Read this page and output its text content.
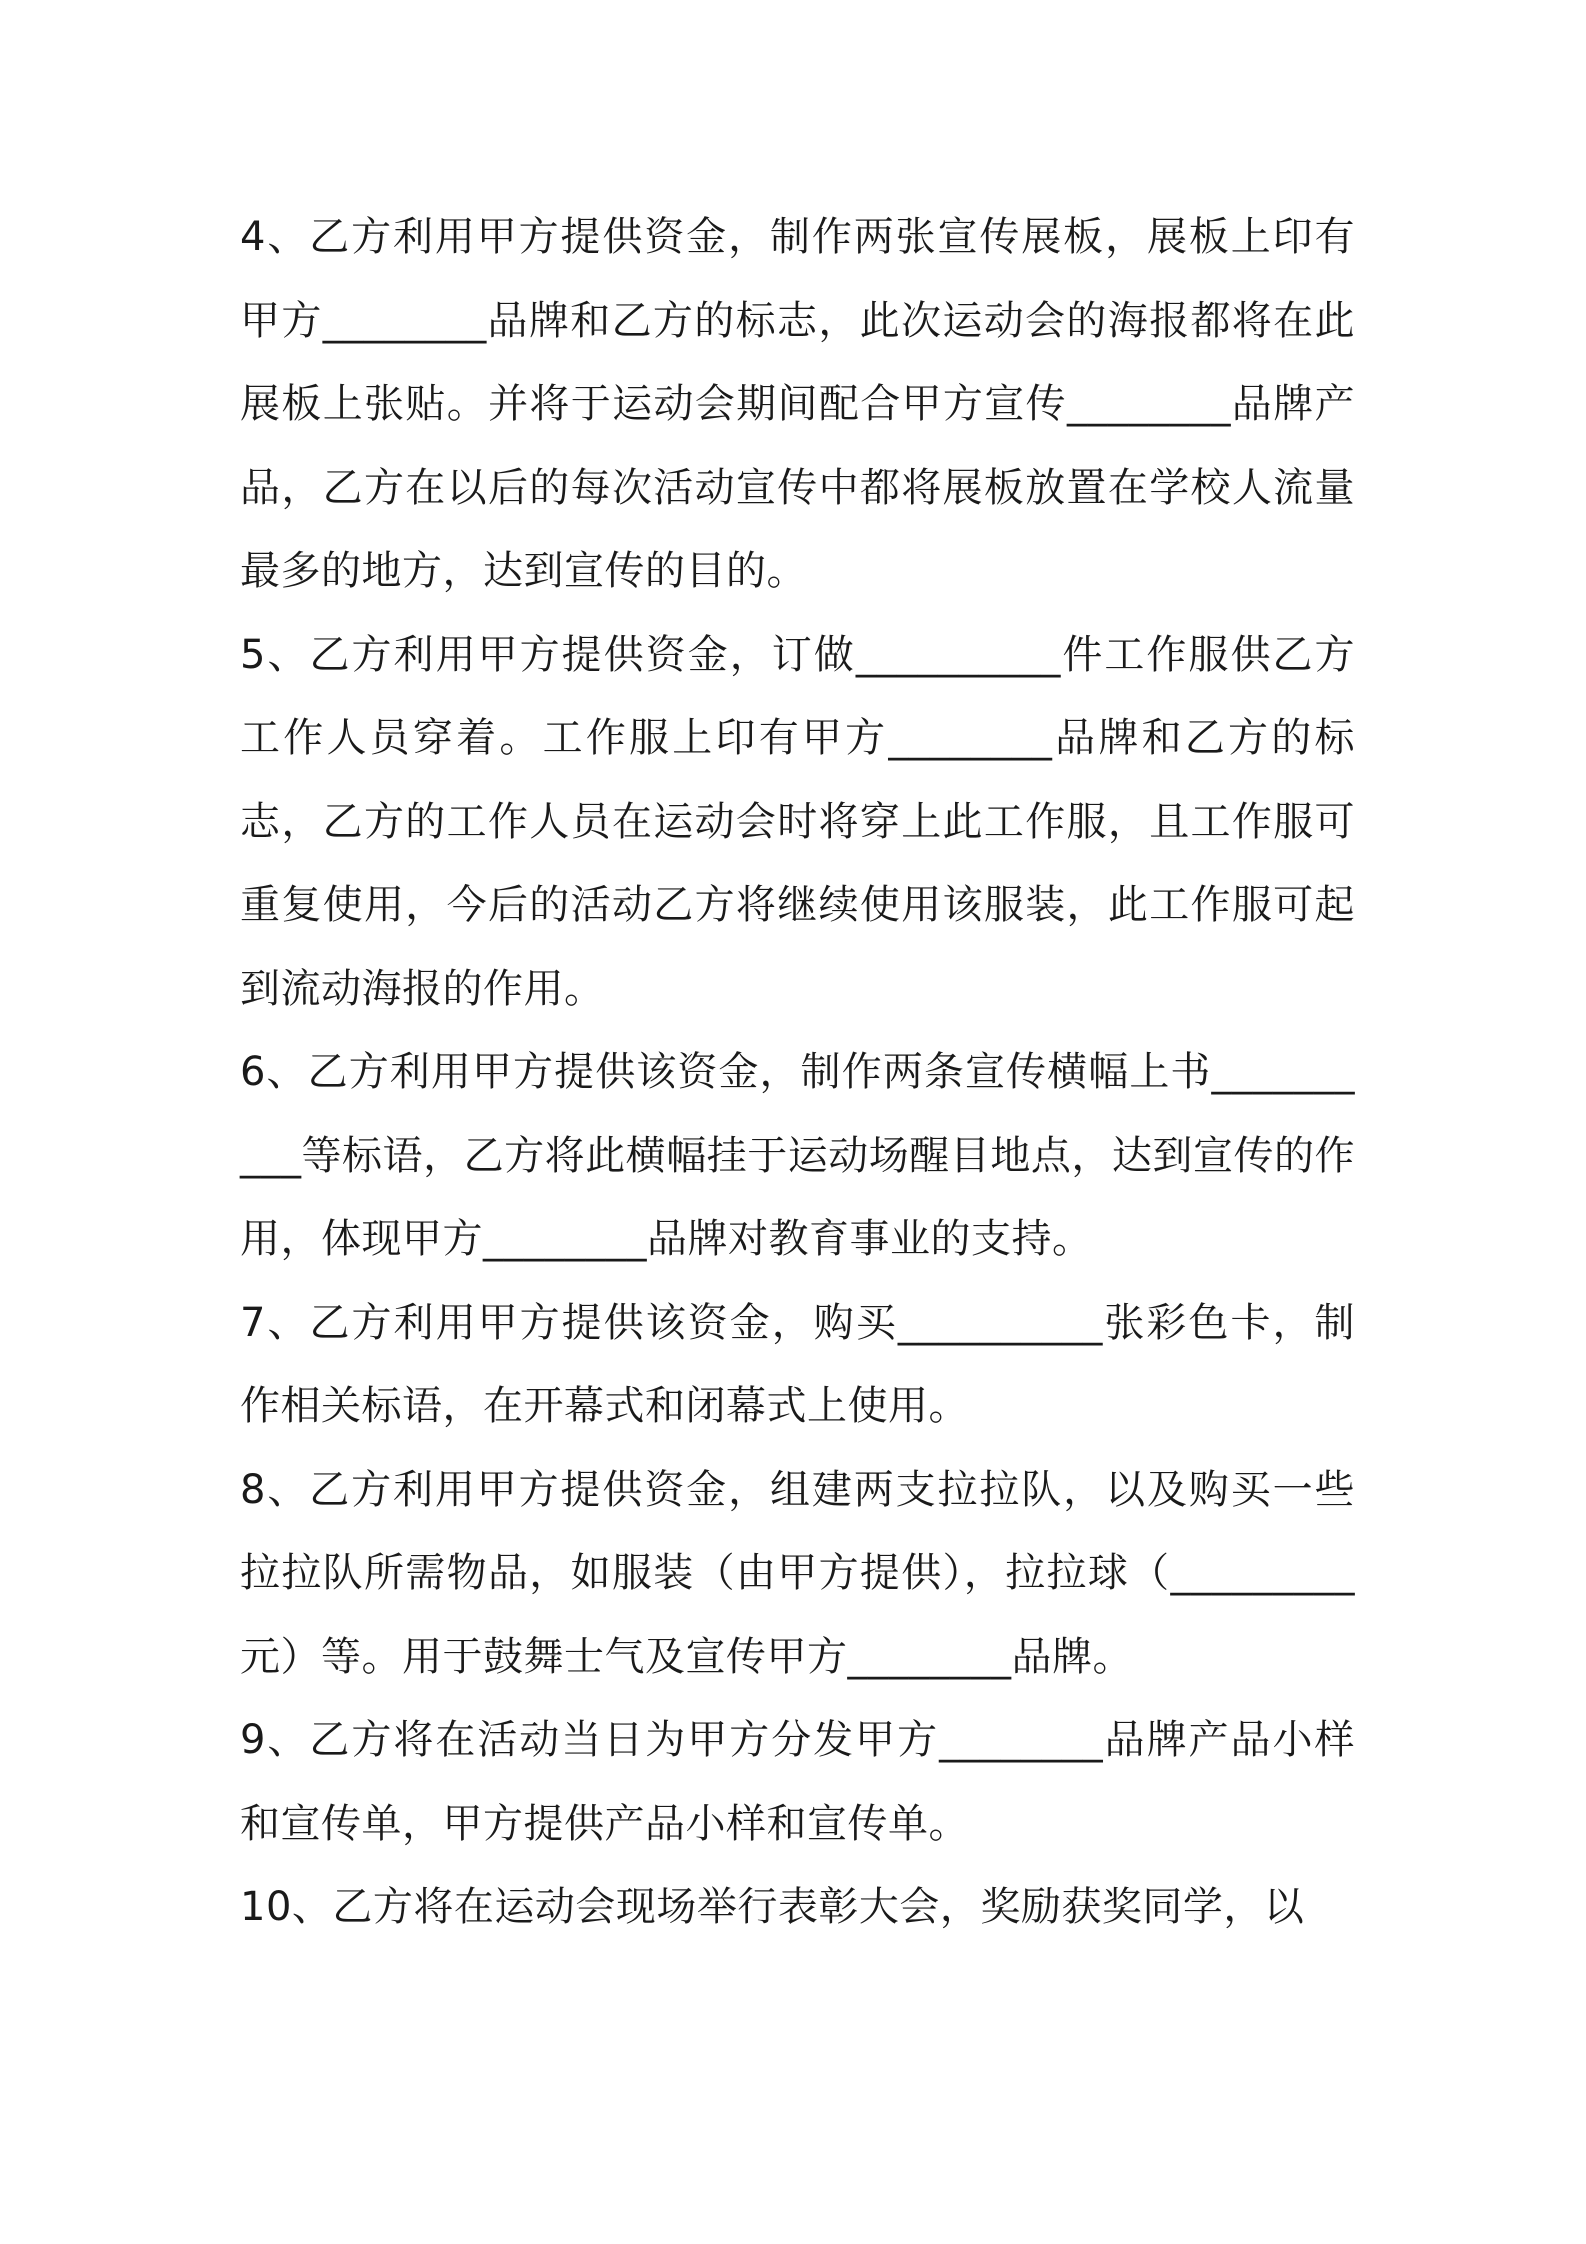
4、乙方利用甲方提供资金，制作两张宣传展板，展板上印有甲方________品牌和乙方的标志，此次运动会的海报都将在此展板上张贴。并将于运动会期间配合甲方宣传________品牌产品，乙方在以后的每次活动宣传中都将展板放置在学校人流量最多的地方，达到宣传的目的。

5、乙方利用甲方提供资金，订做__________件工作服供乙方工作人员穿着。工作服上印有甲方________品牌和乙方的标志，乙方的工作人员在运动会时将穿上此工作服，且工作服可重复使用，今后的活动乙方将继续使用该服装，此工作服可起到流动海报的作用。

6、乙方利用甲方提供该资金，制作两条宣传横幅上书__________等标语，乙方将此横幅挂于运动场醒目地点，达到宣传的作用，体现甲方________品牌对教育事业的支持。

7、乙方利用甲方提供该资金，购买__________张彩色卡，制作相关标语，在开幕式和闭幕式上使用。

8、乙方利用甲方提供资金，组建两支拉拉队，以及购买一些拉拉队所需物品，如服装（由甲方提供），拉拉球（_________元）等。用于鼓舞士气及宣传甲方________品牌。

9、乙方将在活动当日为甲方分发甲方________品牌产品小样和宣传单，甲方提供产品小样和宣传单。

10、乙方将在运动会现场举行表彰大会，奖励获奖同学，以
